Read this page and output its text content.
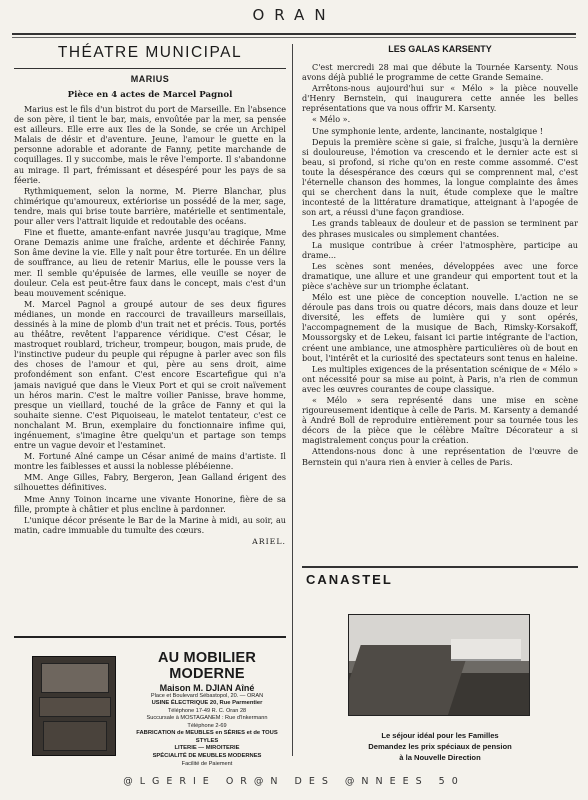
ORAN
THÉATRE MUNICIPAL
MARIUS
Pièce en 4 actes de Marcel Pagnol

Marius est le fils d'un bistrot du port de Marseille. En l'absence de son père, il tient le bar, mais, envoûtée par la mer, sa pensée est ailleurs. Elle erre aux Iles de la Sonde, se crée un Archipel Malais de désir et d'aventure. Jeune, l'amour le guette en la personne adorable et adorante de Fanny, petite marchande de coquillages. Il y succombe, mais le rêve l'emporte. Il s'abandonne au mirage. Il part, frémissant et désespéré pour les pays de sa féerie.

Rythmiquement, selon la norme, M. Pierre Blanchar, plus chimérique qu'amoureux, extériorise un possédé de la mer, sage, tendre, mais qui brise toute barrière, matérielle et sentimentale, pour aller vers l'attrait liquide et redoutable des océans.

Fine et fluette, amante-enfant navrée jusqu'au tragique, Mme Orane Demazis anime une fraîche, ardente et déchirée Fanny, Son âme devine la vie. Elle y naît pour être torturée. En un délire de souffrance, au lieu de retenir Marius, elle le pousse vers la mer. Il semble qu'épuisée de larmes, elle veuille se noyer de douleur. Cela est peut-être faux dans le concept, mais c'est d'un beau mouvement scénique.

M. Marcel Pagnol a groupé autour de ses deux figures médianes, un monde en raccourci de travailleurs marseillais, dessinés à la mine de plomb d'un trait net et précis. Tous, portés au théâtre, revêtent l'apparence véridique. C'est César, le mastroquet roublard, tricheur, trompeur, bougon, mais prude, de l'instinctive pudeur du peuple qui répugne à parler avec son fils des choses de l'amour et qui, père au sens droit, aime profondément son enfant. C'est encore Escartefigue qui n'a jamais navigué que dans le Vieux Port et qui se croit naïvement un héros marin. C'est le maître voilier Panisse, brave homme, presque un vieillard, touché de la grâce de Fanny et qui la souhaite sienne. C'est Piquoiseau, le matelot tentateur, c'est ce nonchalant M. Brun, exemplaire du fonctionnaire infime qui, ingénuement, s'imagine être quelqu'un et partage son temps entre un vague devoir et l'estaminet.

M. Fortuné Aîné campe un César animé de mains d'artiste. Il montre les faiblesses et aussi la noblesse plébéienne.

MM. Ange Gilles, Fabry, Bergeron, Jean Galland érigent des silhouettes définitives.

Mme Anny Toinon incarne une vivante Honorine, fière de sa fille, prompte à châtier et plus encline à pardonner.

L'unique décor présente le Bar de la Marine à midi, au soir, au matin, cadre immuable du tumulte des cœurs.

ARIEL.
LES GALAS KARSENTY

C'est mercredi 28 mai que débute la Tournée Karsenty. Nous avons déjà publié le programme de cette Grande Semaine.

Arrêtons-nous aujourd'hui sur « Mélo » la pièce nouvelle d'Henry Bernstein, qui inaugurera cette année les belles représentations que va nous offrir M. Karsenty.

« Mélo ».

Une symphonie lente, ardente, lancinante, nostalgique !

Depuis la première scène si gaie, si fraîche, jusqu'à la dernière si douloureuse, l'émotion va crescendo et le dernier acte est si beau, si profond, si riche qu'on en reste comme assommé. C'est toute la désespérance des cœurs qui se comprennent mal, c'est l'éternelle chanson des hommes, la longue complainte des âmes qui se cherchent dans la nuit, étude complexe que le maître incontesté de la littérature dramatique, atteignant à l'apogée de son art, a réussi d'une façon grandiose.

Les grands tableaux de douleur et de passion se terminent par des phrases musicales ou simplement chantées.

La musique contribue à créer l'atmosphère, participe au drame...

Les scènes sont menées, développées avec une force dramatique, une allure et une grandeur qui emportent tout et la pièce s'achève sur un triomphe éclatant.

Mélo est une pièce de conception nouvelle. L'action ne se déroule pas dans trois ou quatre décors, mais dans douze et leur diversité, les effets de lumière qui y sont opérés, l'accompagnement de la musique de Bach, Rimsky-Korsakoff, Moussorgsky et de Lekeu, faisant ici partie intégrante de l'action, créent une ambiance, une atmosphère particulières où de bout en bout, l'intérêt et la curiosité des spectateurs sont tenus en haleine.

Les multiples exigences de la présentation scénique de « Mélo » ont nécessité pour sa mise au point, à Paris, n'a rien de commun avec les œuvres courantes de coupe classique.

« Mélo » sera représenté dans une mise en scène rigoureusement identique à celle de Paris. M. Karsenty a demandé à André Boll de reproduire entièrement pour sa tournée tous les décors de la pièce que le célèbre Maître Décorateur a si magistralement conçus pour la création.

Attendons-nous donc à une représentation de l'œuvre de Bernstein qui n'aura rien à envier à celles de Paris.

AU MOBILIER MODERNE
Maison M. DJIAN Aîné
Place et Boulevard Sébastopol, 20. — ORAN
USINE ÉLECTRIQUE 20, Rue Parmentier
Téléphone 17-49 R. C. Oran 28
Succursale à MOSTAGANEM : Rue d'Inkermann
Téléphone 2-69
FABRICATION de MEUBLES en SÉRIES et de TOUS STYLES
LITERIE — MIROITERIE
SPÉCIALITÉ DE MEUBLES MODERNES
Facilité de Paiement
CANASTEL
Le séjour idéal pour les Familles
Demandez les prix spéciaux de pension
à la Nouvelle Direction
@LGERIE OR@N DES @NNEES 50
